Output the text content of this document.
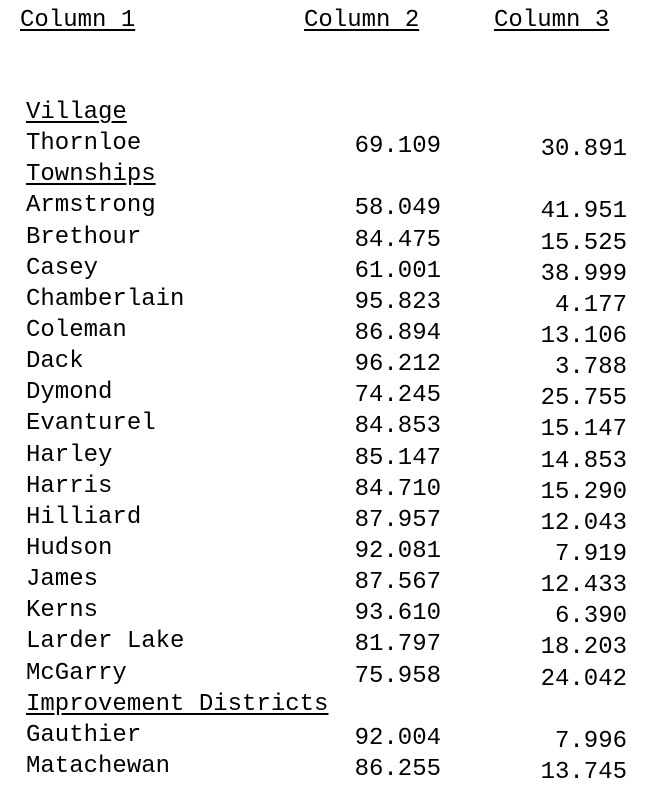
Column 1	Column 2	Column 3
Village
Thornloe	69.109	30.891
Townships
Armstrong	58.049	41.951
Brethour	84.475	15.525
Casey	61.001	38.999
Chamberlain	95.823	4.177
Coleman	86.894	13.106
Dack	96.212	3.788
Dymond	74.245	25.755
Evanturel	84.853	15.147
Harley	85.147	14.853
Harris	84.710	15.290
Hilliard	87.957	12.043
Hudson	92.081	7.919
James	87.567	12.433
Kerns	93.610	6.390
Larder Lake	81.797	18.203
McGarry	75.958	24.042
Improvement Districts
Gauthier	92.004	7.996
Matachewan	86.255	13.745
